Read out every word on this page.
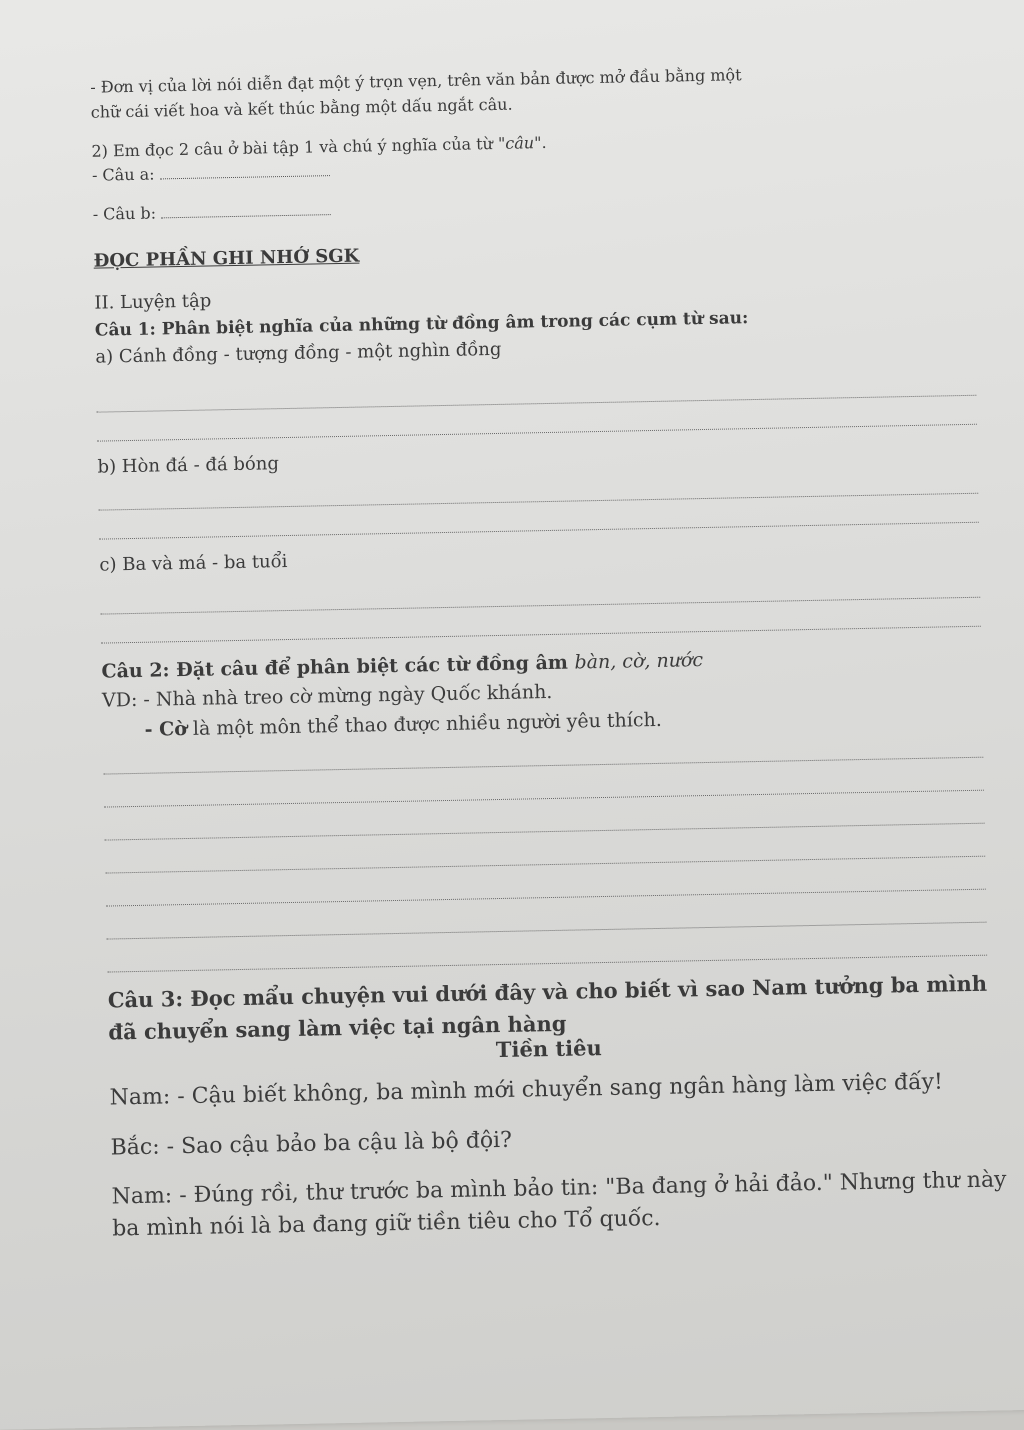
- Đơn vị của lời nói diễn đạt một ý trọn vẹn, trên văn bản được mở đầu bằng một

chữ cái viết hoa và kết thúc bằng một dấu ngắt câu.

2) Em đọc 2 câu ở bài tập 1 và chú ý nghĩa của từ "câu".

- Câu a:

- Câu b:

ĐỌC PHẦN GHI NHỚ SGK

II. Luyện tập

Câu 1: Phân biệt nghĩa của những từ đồng âm trong các cụm từ sau:

a) Cánh đồng - tượng đồng - một nghìn đồng

b) Hòn đá - đá bóng

c) Ba và má - ba tuổi

Câu 2: Đặt câu để phân biệt các từ đồng âm bàn, cờ, nước

VD: - Nhà nhà treo cờ mừng ngày Quốc khánh.

- Cờ là một môn thể thao được nhiều người yêu thích.

Câu 3: Đọc mẩu chuyện vui dưới đây và cho biết vì sao Nam tưởng ba mình đã chuyển sang làm việc tại ngân hàng

Tiền tiêu

Nam: - Cậu biết không, ba mình mới chuyển sang ngân hàng làm việc đấy!

Bắc: - Sao cậu bảo ba cậu là bộ đội?

Nam: - Đúng rồi, thư trước ba mình bảo tin: "Ba đang ở hải đảo." Nhưng thư này

ba mình nói là ba đang giữ tiền tiêu cho Tổ quốc.
